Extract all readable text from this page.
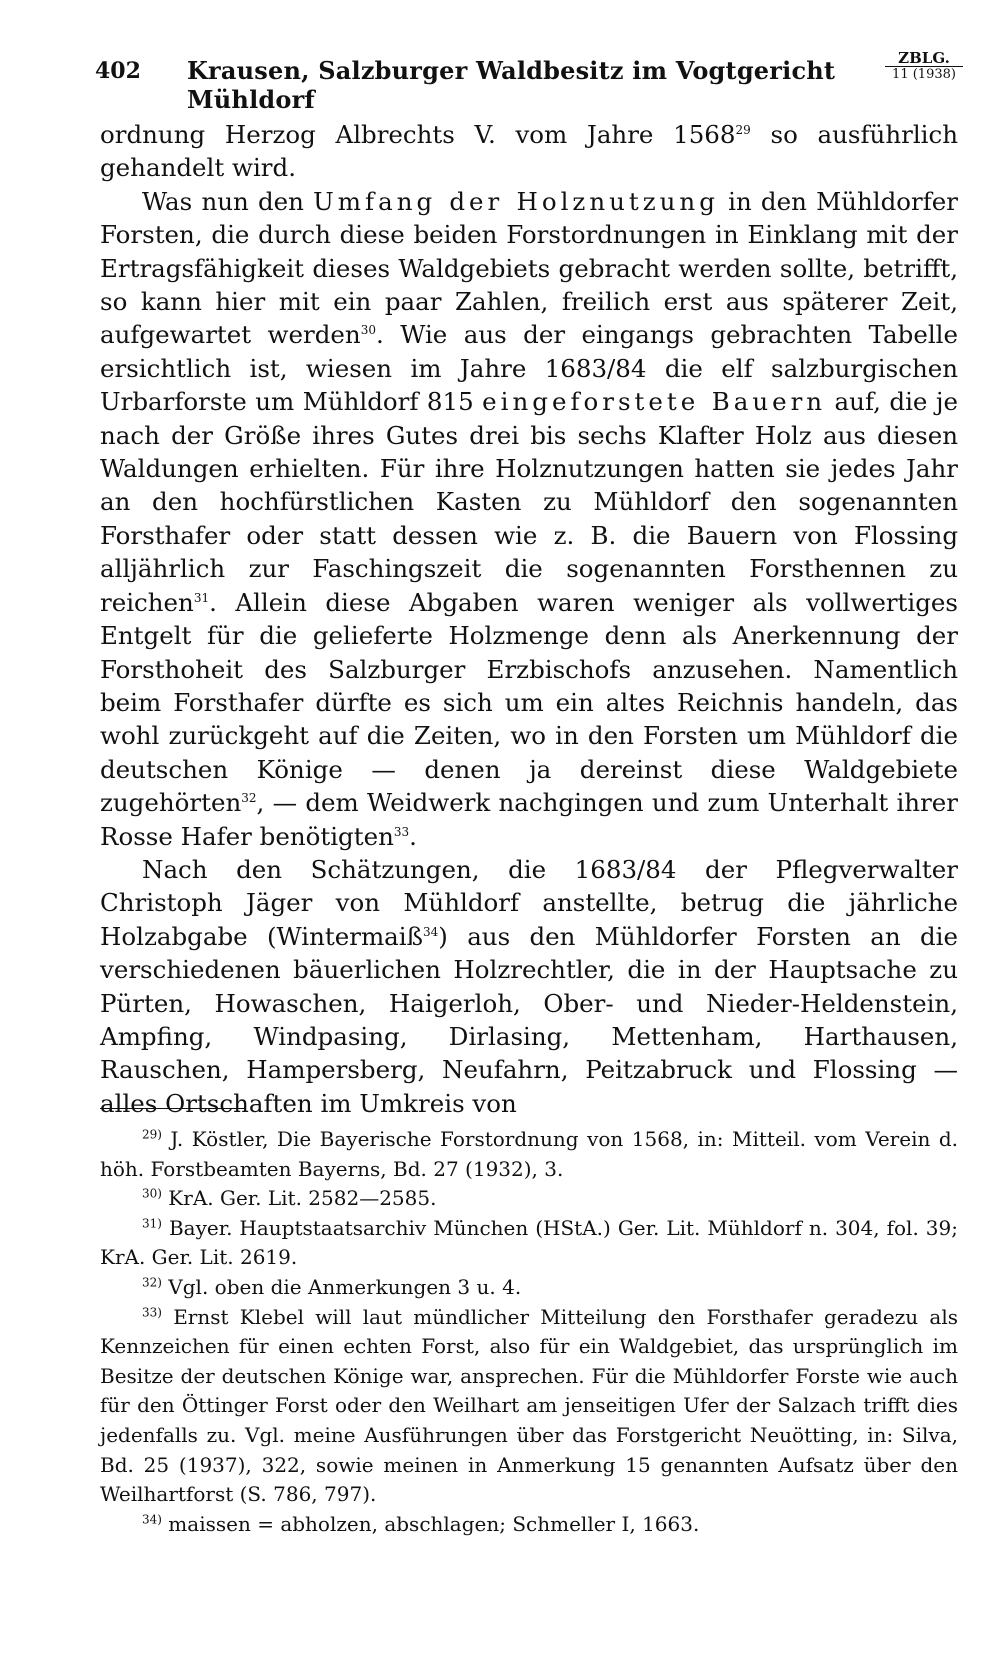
402 Krausen, Salzburger Waldbesitz im Vogtgericht Mühldorf
ZBLG.
11 (1938)

ordnung Herzog Albrechts V. vom Jahre 1568$^{29}$ so ausführlich gehandelt wird.

Was nun den Umfang der Holznutzung in den Mühldorfer Forsten, die durch diese beiden Forstordnungen in Einklang mit der Ertragsfähigkeit dieses Waldgebiets gebracht werden sollte, betrifft, so kann hier mit ein paar Zahlen, freilich erst aus späterer Zeit, aufgewartet werden$^{30}$. Wie aus der eingangs gebrachten Tabelle ersichtlich ist, wiesen im Jahre 1683/84 die elf salzburgischen Urbarforste um Mühldorf 815 eingeforstete Bauern auf, die je nach der Größe ihres Gutes drei bis sechs Klafter Holz aus diesen Waldungen erhielten. Für ihre Holznutzungen hatten sie jedes Jahr an den hochfürstlichen Kasten zu Mühldorf den sogenannten Forsthafer oder statt dessen wie z. B. die Bauern von Flossing alljährlich zur Faschingszeit die sogenannten Forsthennen zu reichen$^{31}$. Allein diese Abgaben waren weniger als vollwertiges Entgelt für die gelieferte Holzmenge denn als Anerkennung der Forsthoheit des Salzburger Erzbischofs anzusehen. Namentlich beim Forsthafer dürfte es sich um ein altes Reichnis handeln, das wohl zurückgeht auf die Zeiten, wo in den Forsten um Mühldorf die deutschen Könige — denen ja dereinst diese Waldgebiete zugehörten$^{32}$, — dem Weidwerk nachgingen und zum Unterhalt ihrer Rosse Hafer benötigten$^{33}$.

Nach den Schätzungen, die 1683/84 der Pflegverwalter Christoph Jäger von Mühldorf anstellte, betrug die jährliche Holzabgabe (Wintermaiß$^{34}$) aus den Mühldorfer Forsten an die verschiedenen bäuerlichen Holzrechtler, die in der Hauptsache zu Pürten, Howaschen, Haigerloh, Ober- und Nieder-Heldenstein, Ampfing, Windpasing, Dirlasing, Mettenham, Harthausen, Rauschen, Hampersberg, Neufahrn, Peitzabruck und Flossing — alles Ortschaften im Umkreis von

$^{29)}$ J. Köstler, Die Bayerische Forstordnung von 1568, in: Mitteil. vom Verein d. höh. Forstbeamten Bayerns, Bd. 27 (1932), 3.

$^{30)}$ KrA. Ger. Lit. 2582—2585.

$^{31)}$ Bayer. Hauptstaatsarchiv München (HStA.) Ger. Lit. Mühldorf n. 304, fol. 39; KrA. Ger. Lit. 2619.

$^{32)}$ Vgl. oben die Anmerkungen 3 u. 4.

$^{33)}$ Ernst Klebel will laut mündlicher Mitteilung den Forsthafer geradezu als Kennzeichen für einen echten Forst, also für ein Waldgebiet, das ursprünglich im Besitze der deutschen Könige war, ansprechen. Für die Mühldorfer Forste wie auch für den Öttinger Forst oder den Weilhart am jenseitigen Ufer der Salzach trifft dies jedenfalls zu. Vgl. meine Ausführungen über das Forstgericht Neuötting, in: Silva, Bd. 25 (1937), 322, sowie meinen in Anmerkung 15 genannten Aufsatz über den Weilhartforst (S. 786, 797).

$^{34)}$ maissen = abholzen, abschlagen; Schmeller I, 1663.
